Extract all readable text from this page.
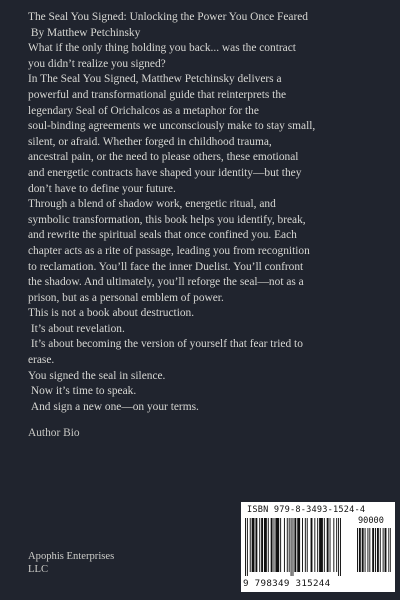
The Seal You Signed: Unlocking the Power You Once Feared
By Matthew Petchinsky
What if the only thing holding you back... was the contract
you didn’t realize you signed?
In The Seal You Signed, Matthew Petchinsky delivers a
powerful and transformational guide that reinterprets the
legendary Seal of Orichalcos as a metaphor for the
soul-binding agreements we unconsciously make to stay small,
silent, or afraid. Whether forged in childhood trauma,
ancestral pain, or the need to please others, these emotional
and energetic contracts have shaped your identity—but they
don’t have to define your future.
Through a blend of shadow work, energetic ritual, and
symbolic transformation, this book helps you identify, break,
and rewrite the spiritual seals that once confined you. Each
chapter acts as a rite of passage, leading you from recognition
to reclamation. You’ll face the inner Duelist. You’ll confront
the shadow. And ultimately, you’ll reforge the seal—not as a
prison, but as a personal emblem of power.
This is not a book about destruction.
It’s about revelation.
It’s about becoming the version of yourself that fear tried to
erase.
You signed the seal in silence.
Now it’s time to speak.
And sign a new one—on your terms.
Author Bio
Apophis Enterprises
LLC
ISBN 979-8-3493-1524-4
90000
9 798349 315244
